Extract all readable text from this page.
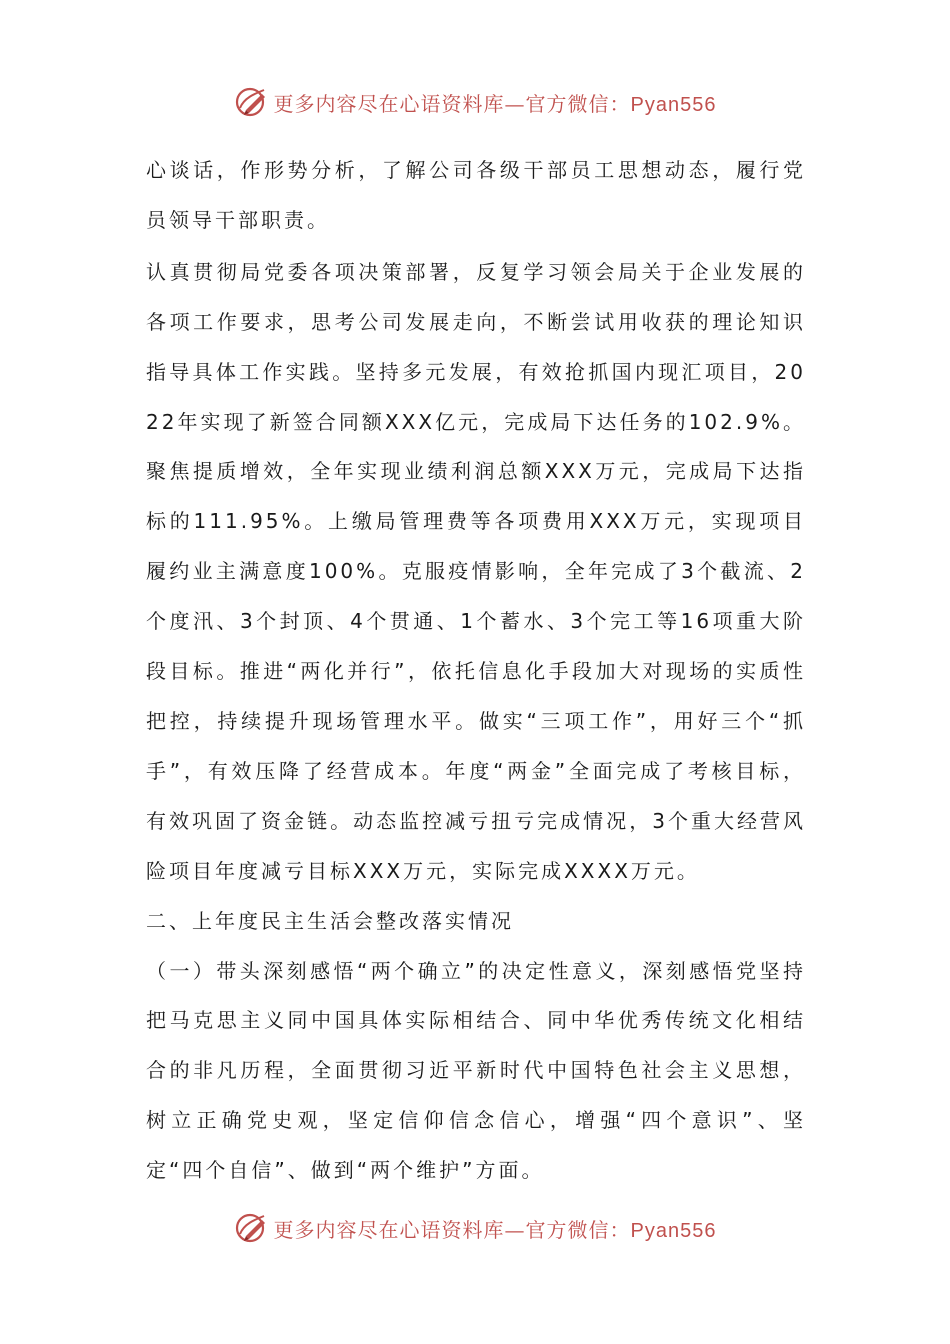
更多内容尽在心语资料库—官方微信：Pyan556

心谈话，作形势分析，了解公司各级干部员工思想动态，履行党员领导干部职责。

认真贯彻局党委各项决策部署，反复学习领会局关于企业发展的各项工作要求，思考公司发展走向，不断尝试用收获的理论知识指导具体工作实践。坚持多元发展，有效抢抓国内现汇项目，2022年实现了新签合同额XXX亿元，完成局下达任务的102.9%。聚焦提质增效，全年实现业绩利润总额XXX万元，完成局下达指标的111.95%。上缴局管理费等各项费用XXX万元，实现项目履约业主满意度100%。克服疫情影响，全年完成了3个截流、2个度汛、3个封顶、4个贯通、1个蓄水、3个完工等16项重大阶段目标。推进“两化并行”，依托信息化手段加大对现场的实质性把控，持续提升现场管理水平。做实“三项工作”，用好三个“抓手”，有效压降了经营成本。年度“两金”全面完成了考核目标，有效巩固了资金链。动态监控减亏扭亏完成情况，3个重大经营风险项目年度减亏目标XXX万元，实际完成XXXX万元。

二、上年度民主生活会整改落实情况

（一）带头深刻感悟“两个确立”的决定性意义，深刻感悟党坚持把马克思主义同中国具体实际相结合、同中华优秀传统文化相结合的非凡历程，全面贯彻习近平新时代中国特色社会主义思想，树立正确党史观，坚定信仰信念信心，增强“四个意识”、坚定“四个自信”、做到“两个维护”方面。

更多内容尽在心语资料库—官方微信：Pyan556
